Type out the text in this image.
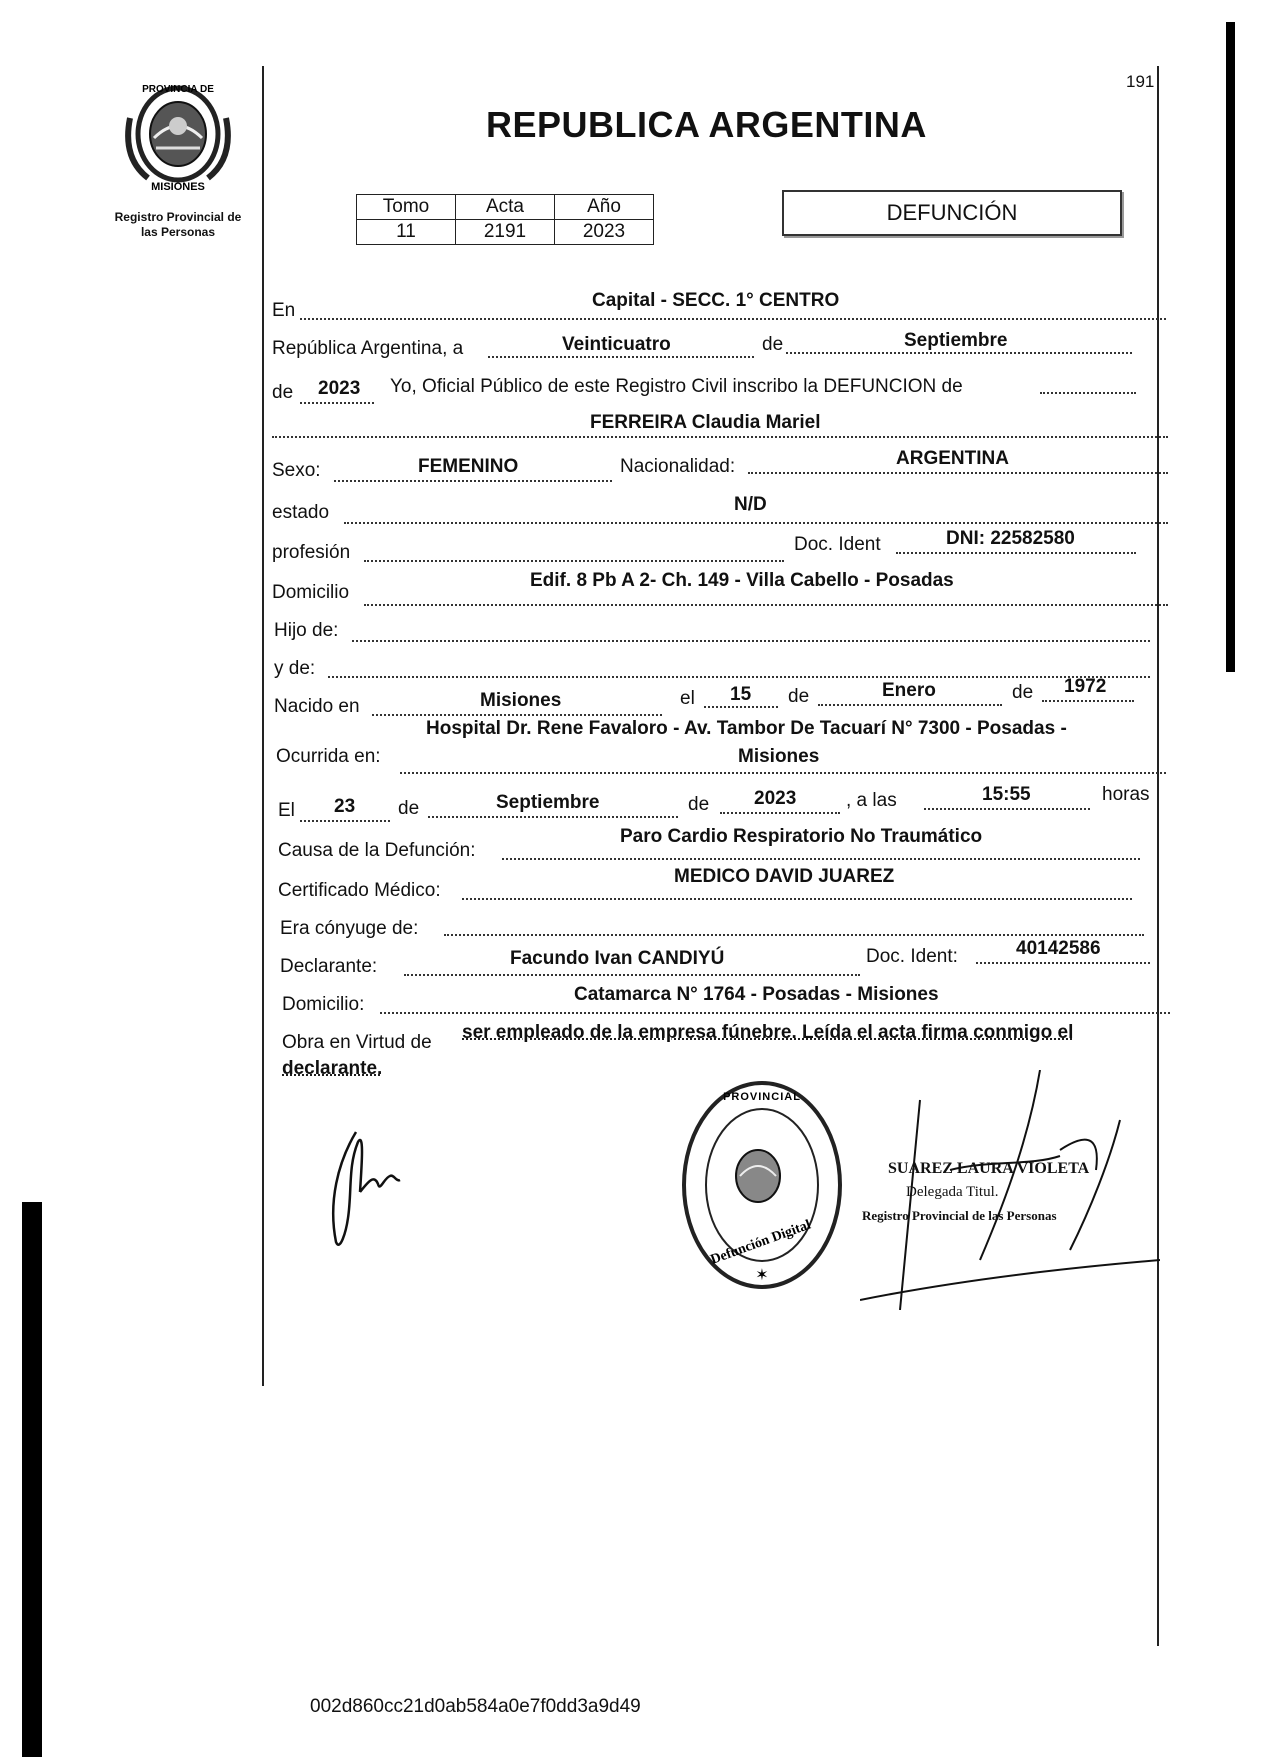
PROVINCIA DE
MISIONES
Registro Provincial de
las Personas
191
REPUBLICA ARGENTINA
Tomo	Acta	Año
11	2191	2023
DEFUNCIÓN
En	Capital - SECC. 1° CENTRO
República Argentina, a	Veinticuatro	de	Septiembre
de 2023 Yo, Oficial Público de este Registro Civil inscribo la DEFUNCION de
FERREIRA Claudia Mariel
Sexo:	FEMENINO	Nacionalidad:	ARGENTINA
estado	N/D
profesión	Doc. Ident	DNI: 22582580
Domicilio
Edif. 8 Pb A 2- Ch. 149 - Villa Cabello - Posadas
Hijo de:
y de:
Nacido en	Misiones	el 15 de	Enero	de 1972
Hospital Dr. Rene Favaloro - Av. Tambor De Tacuarí N° 7300 - Posadas -
Ocurrida en:	Misiones
El 23 de	Septiembre	de 2023	, a las	15:55	horas
Causa de la Defunción:
Paro Cardio Respiratorio No Traumático
Certificado Médico:
MEDICO DAVID JUAREZ
Era cónyuge de:
Declarante:	Facundo Ivan CANDIYÚ	Doc. Ident:	40142586
Domicilio:	Catamarca N° 1764 - Posadas - Misiones
Obra en Virtud de ser empleado de la empresa fúnebre. Leída el acta firma conmigo el
declarante.
Defunción Digital
✶
PROVINCIAL
SUAREZ LAURA VIOLETA
Delegada Titul.
Registro Provincial de las Personas
002d860cc21d0ab584a0e7f0dd3a9d49
